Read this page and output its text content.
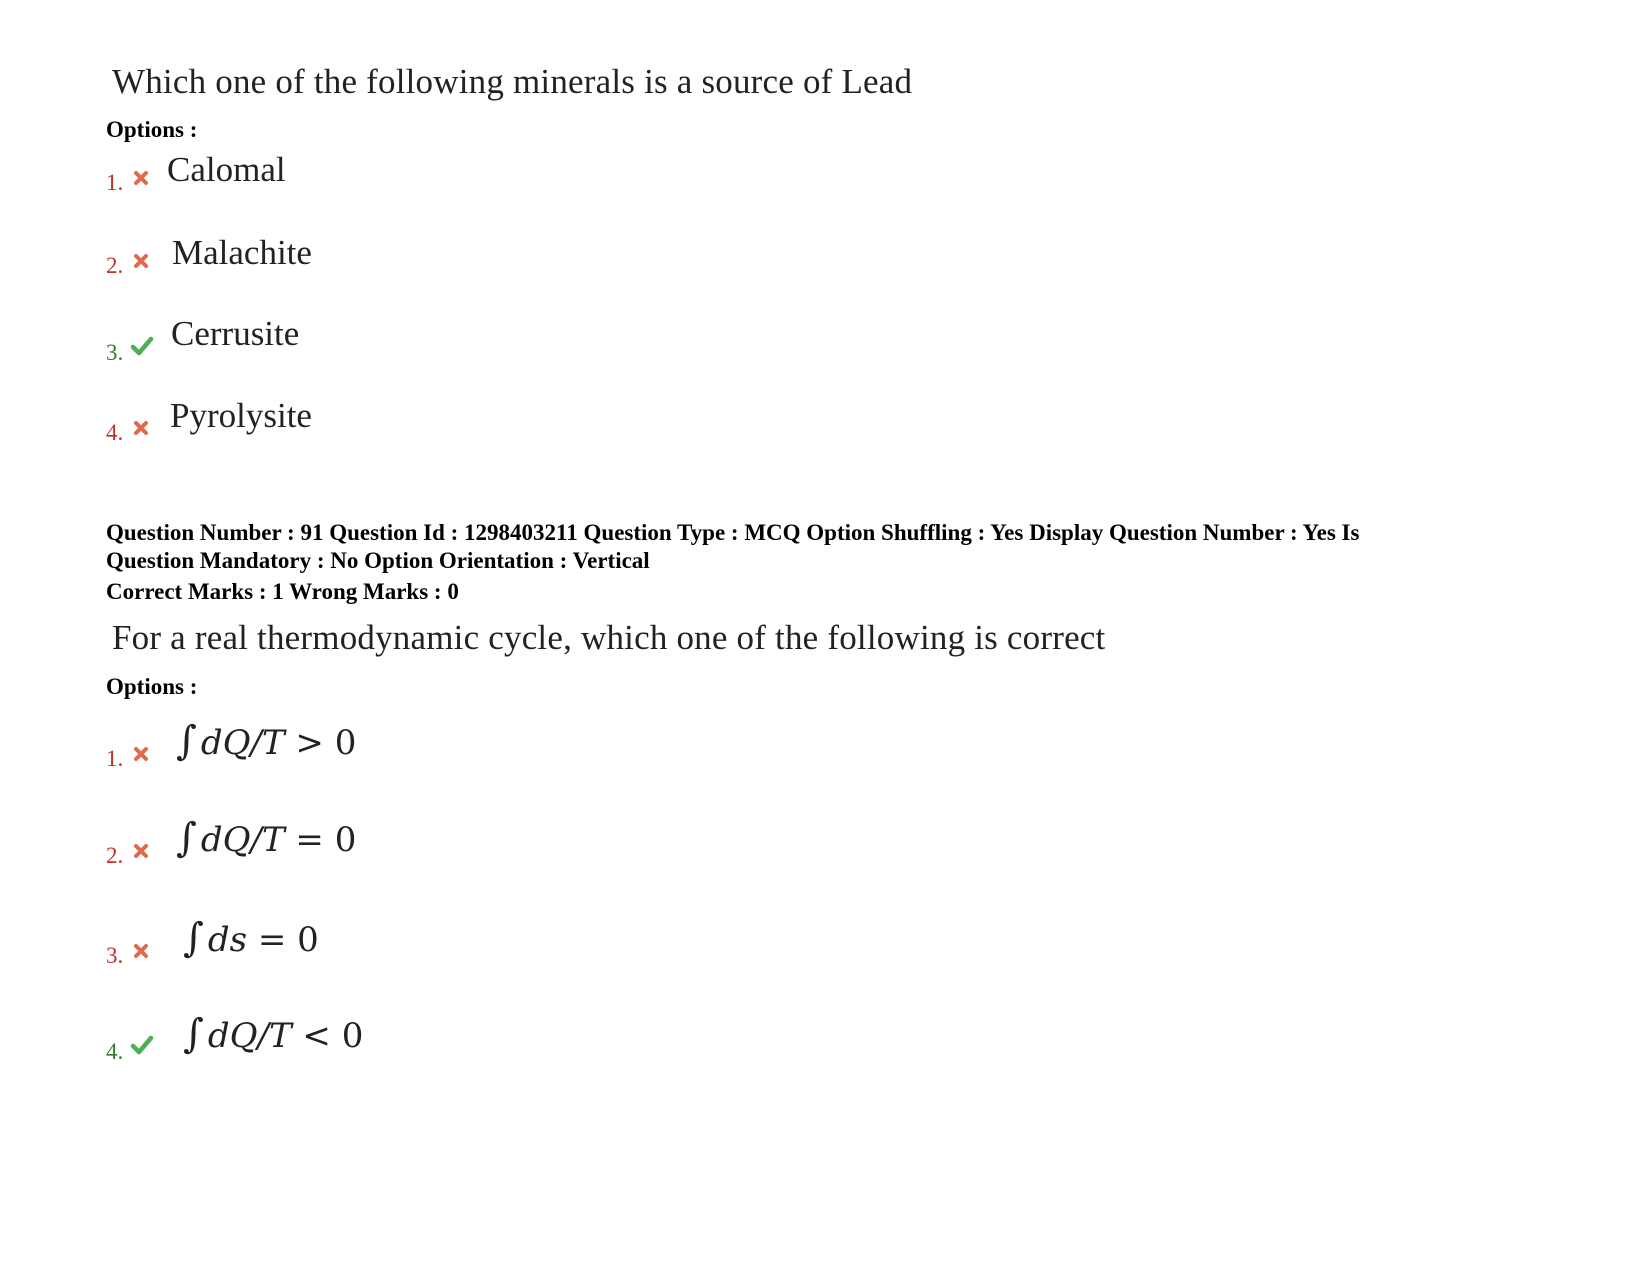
Which one of the following minerals is a source of Lead
Options :
1. Calomal
2. Malachite
3. Cerrusite
4. Pyrolysite
Question Number : 91 Question Id : 1298403211 Question Type : MCQ Option Shuffling : Yes Display Question Number : Yes Is
Question Mandatory : No Option Orientation : Vertical
Correct Marks : 1 Wrong Marks : 0
For a real thermodynamic cycle, which one of the following is correct
Options :
1. ∫ dQ/T > 0
2. ∫ dQ/T = 0
3. ∫ ds = 0
4. ∫ dQ/T < 0
